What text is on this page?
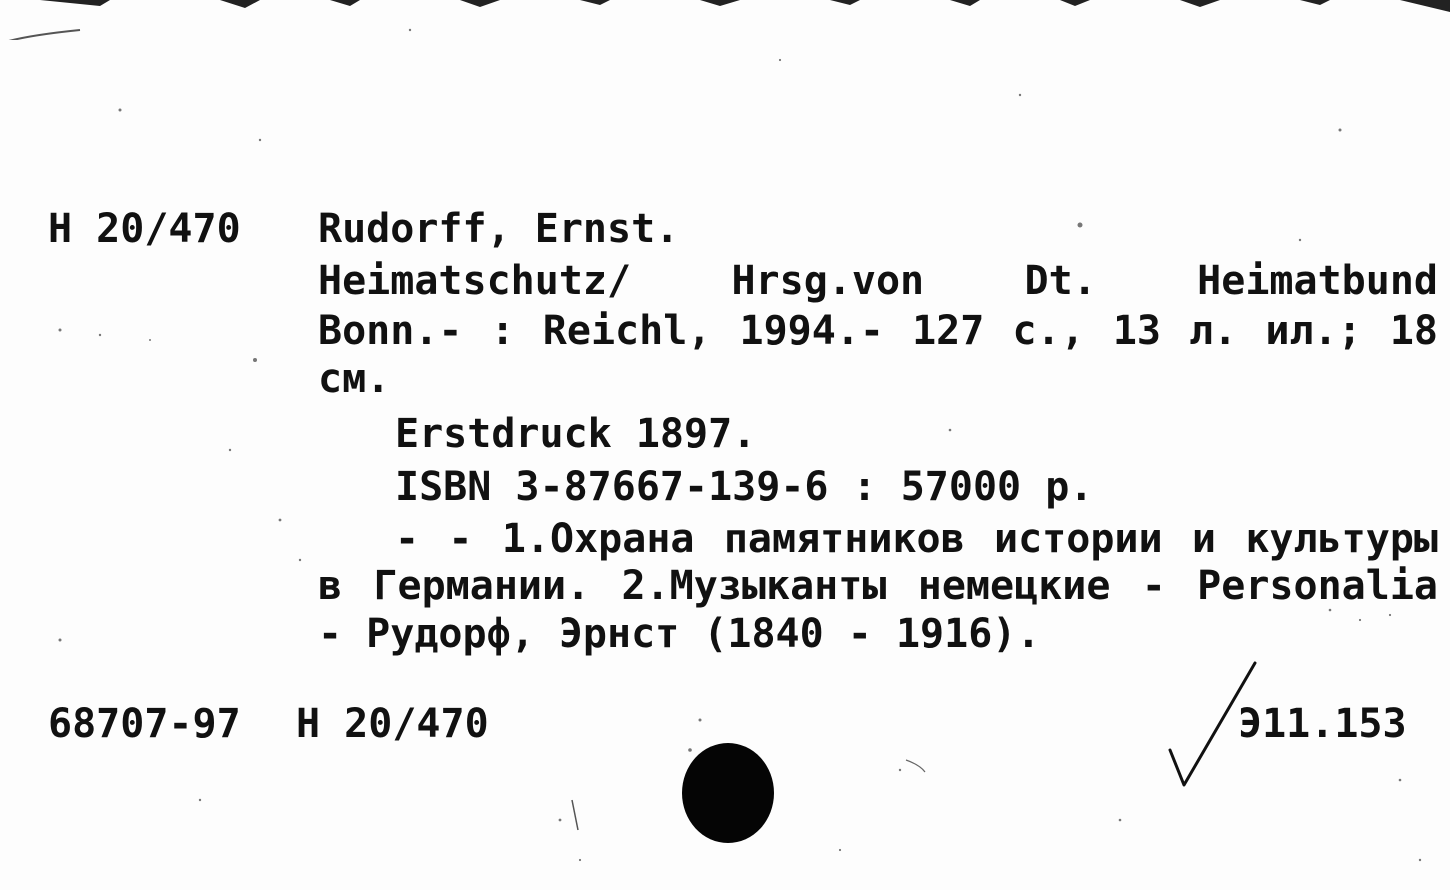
H 20/470 Rudorff, Ernst.
Heimatschutz/ Hrsg.von Dt. Heimatbund
Bonn.- : Reichl, 1994.- 127 с., 13 л. ил.; 18
см.
Erstdruck 1897.
ISBN 3-87667-139-6 : 57000 р.
- - 1.Охрана памятников истории и культуры
в Германии. 2.Музыканты немецкие - Personalia
- Рудорф, Эрнст (1840 - 1916).
68707-97 H 20/470	Э11.153
